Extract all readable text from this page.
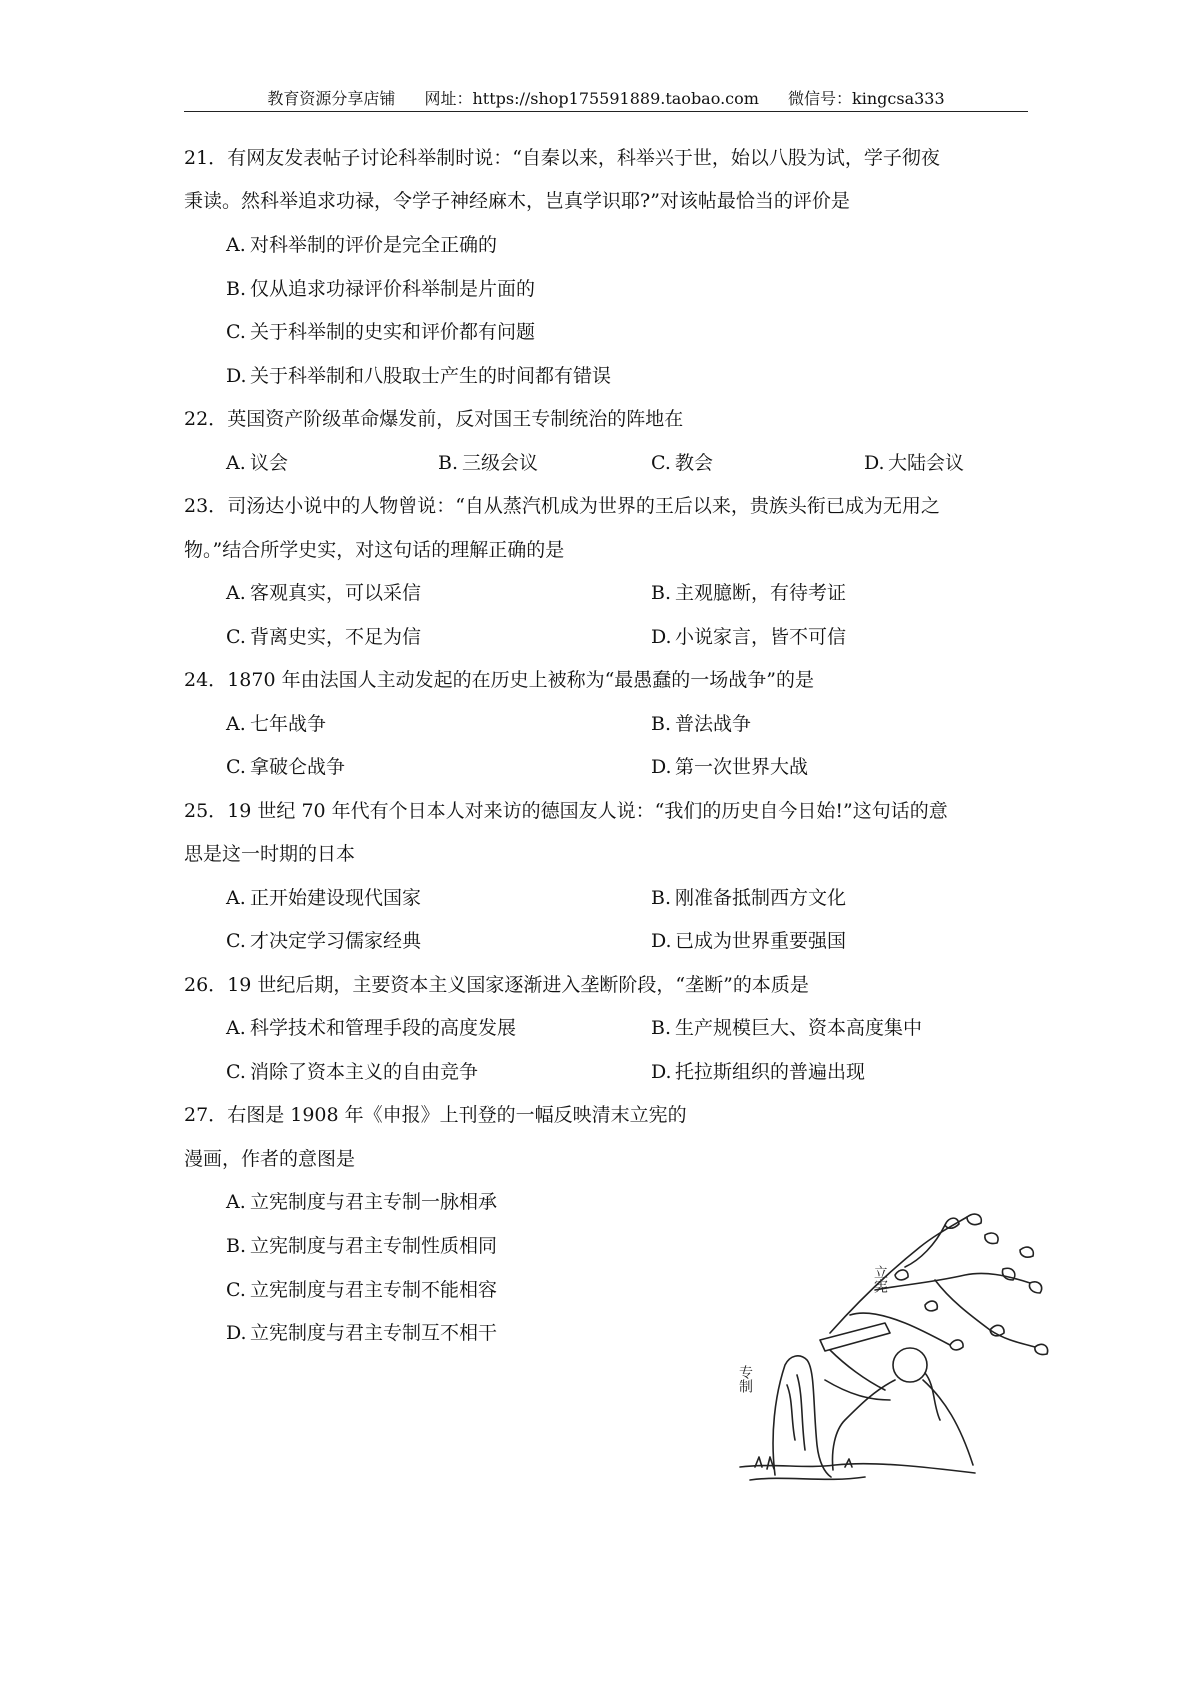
教育资源分享店铺 网址：https://shop175591889.taobao.com 微信号：kingcsa333
21．有网友发表帖子讨论科举制时说：“自秦以来，科举兴于世，始以八股为试，学子彻夜
秉读。然科举追求功禄，令学子神经麻木，岂真学识耶?”对该帖最恰当的评价是
A. 对科举制的评价是完全正确的
B. 仅从追求功禄评价科举制是片面的
C. 关于科举制的史实和评价都有问题
D. 关于科举制和八股取士产生的时间都有错误
22．英国资产阶级革命爆发前，反对国王专制统治的阵地在
A. 议会	B. 三级会议	C. 教会	D. 大陆会议
23．司汤达小说中的人物曾说：“自从蒸汽机成为世界的王后以来，贵族头衔已成为无用之
物。”结合所学史实，对这句话的理解正确的是
A. 客观真实，可以采信	B. 主观臆断，有待考证
C. 背离史实，不足为信	D. 小说家言，皆不可信
24．1870 年由法国人主动发起的在历史上被称为“最愚蠢的一场战争”的是
A. 七年战争	B. 普法战争
C. 拿破仑战争	D. 第一次世界大战
25．19 世纪 70 年代有个日本人对来访的德国友人说：“我们的历史自今日始!”这句话的意
思是这一时期的日本
A. 正开始建设现代国家	B. 刚准备抵制西方文化
C. 才决定学习儒家经典	D. 已成为世界重要强国
26．19 世纪后期，主要资本主义国家逐渐进入垄断阶段，“垄断”的本质是
A. 科学技术和管理手段的高度发展	B. 生产规模巨大、资本高度集中
C. 消除了资本主义的自由竞争	D. 托拉斯组织的普遍出现
27．右图是 1908 年《申报》上刊登的一幅反映清末立宪的
漫画，作者的意图是
A. 立宪制度与君主专制一脉相承
B. 立宪制度与君主专制性质相同
C. 立宪制度与君主专制不能相容
D. 立宪制度与君主专制互不相干
立宪
专制
